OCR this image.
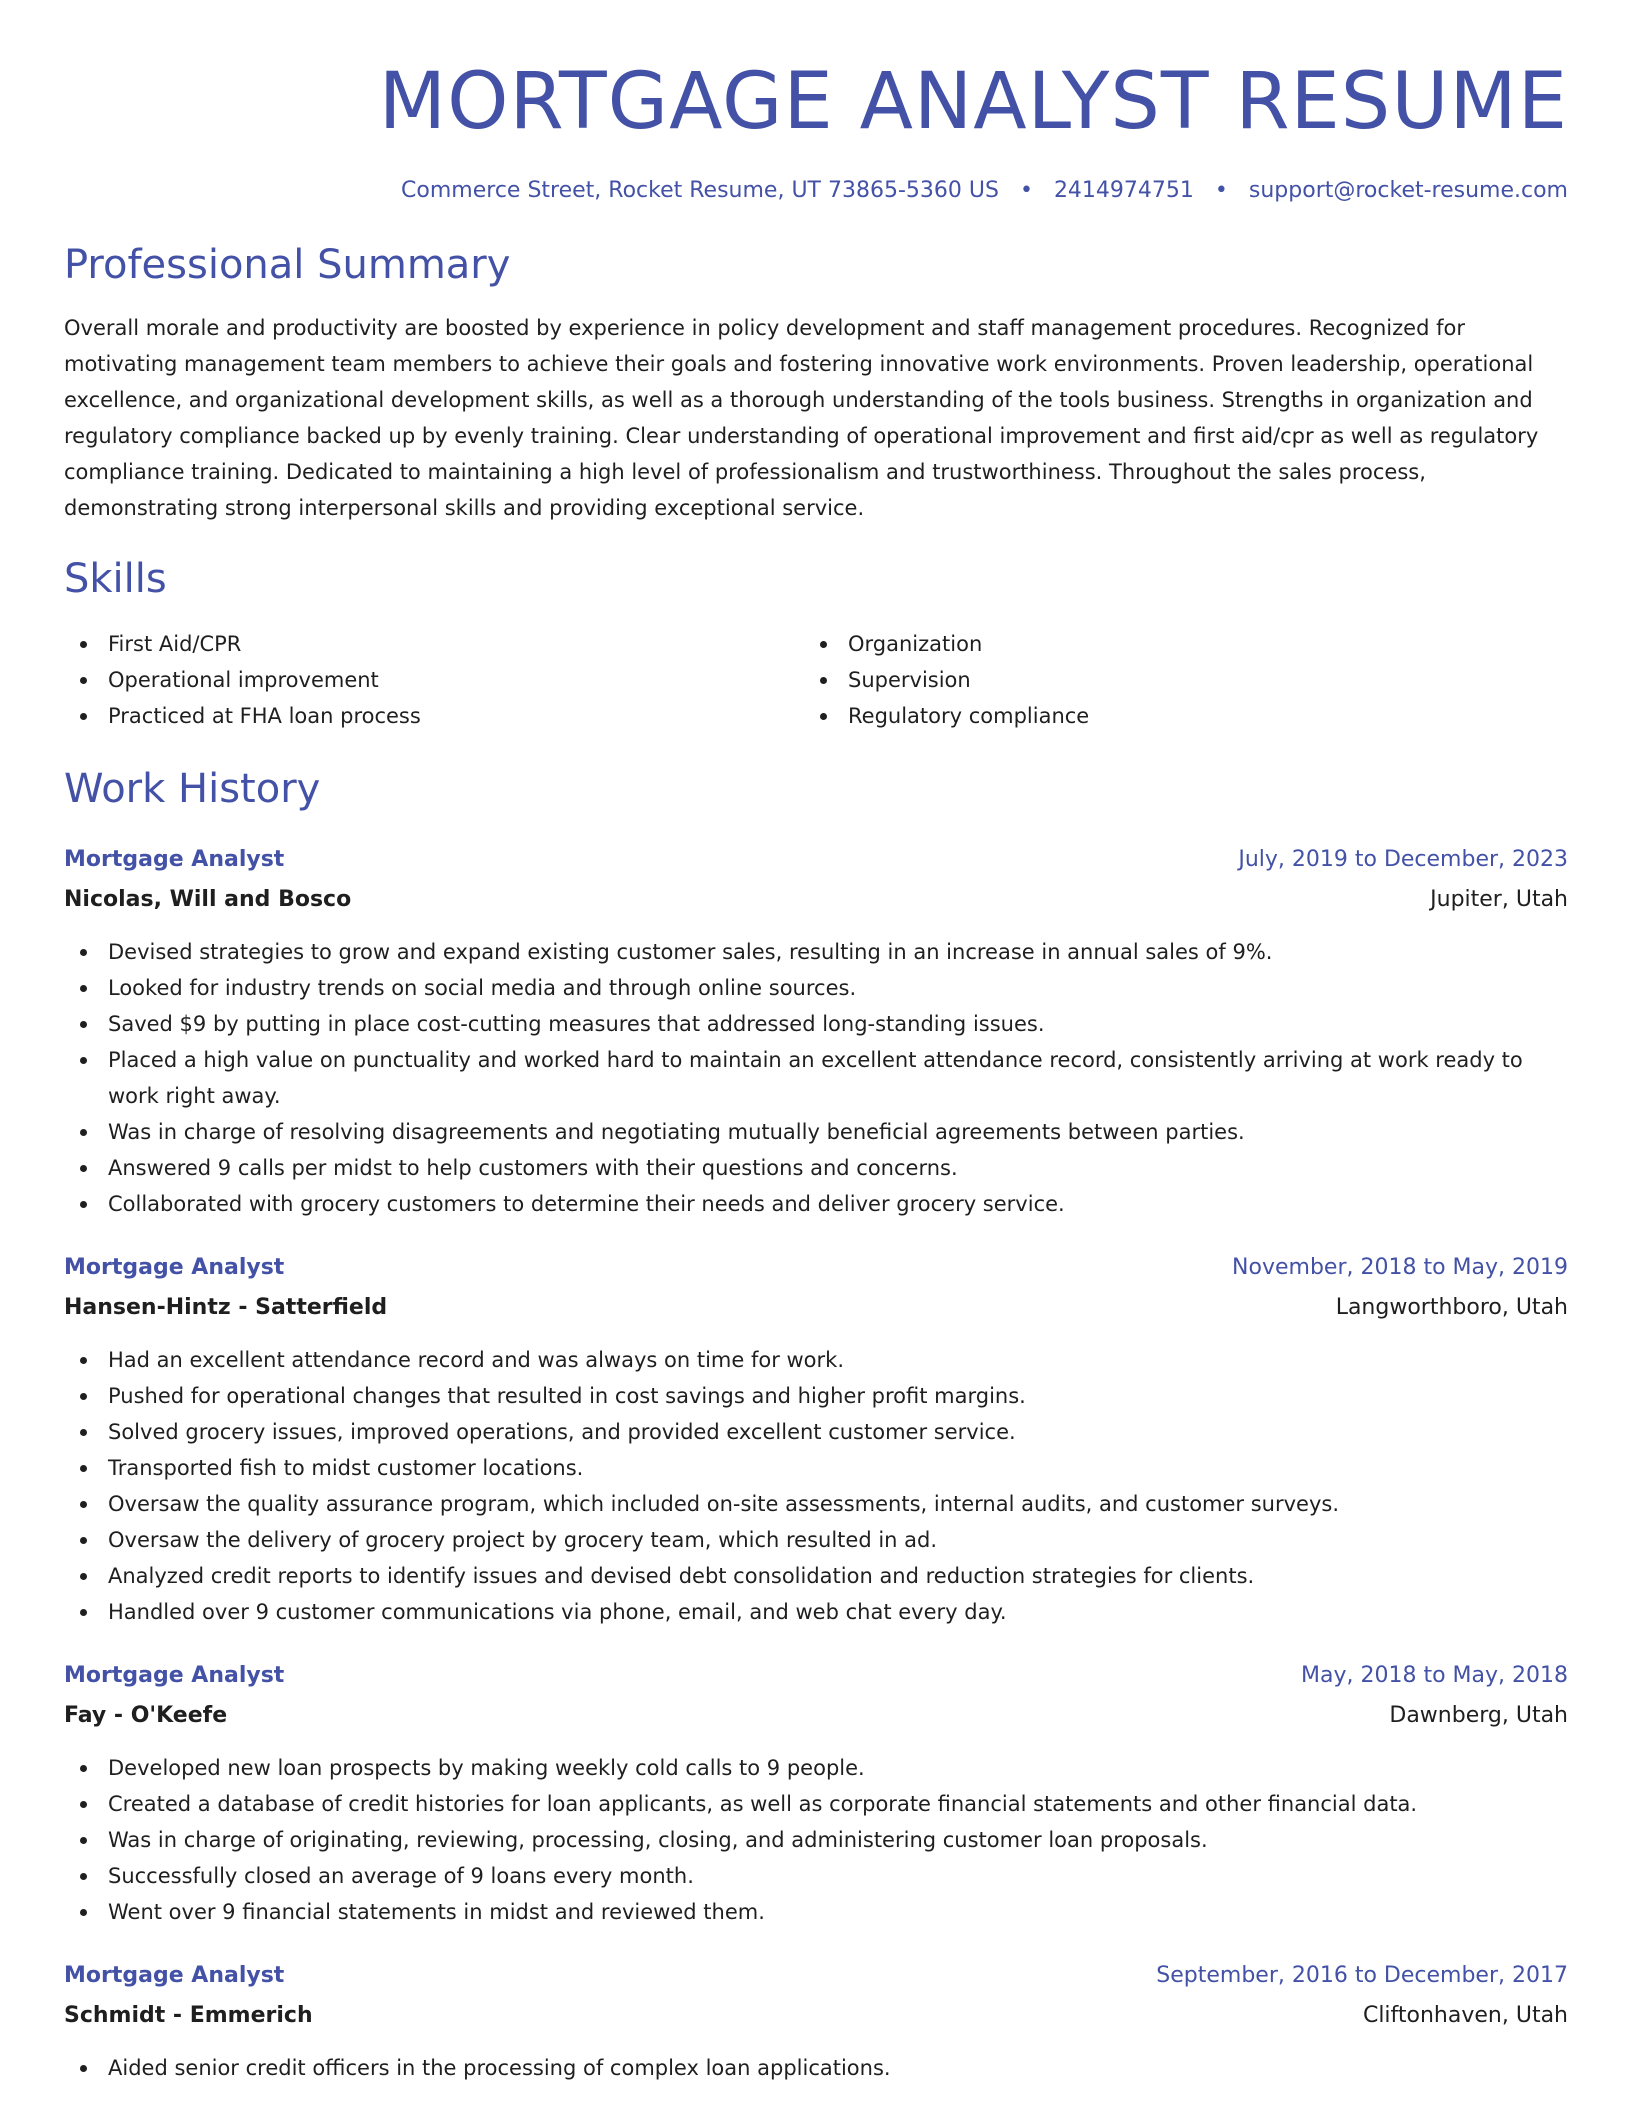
MORTGAGE ANALYST RESUME
Commerce Street, Rocket Resume, UT 73865-5360 US • 2414974751 • support@rocket-resume.com
Professional Summary

Overall morale and productivity are boosted by experience in policy development and staff management procedures. Recognized for motivating management team members to achieve their goals and fostering innovative work environments. Proven leadership, operational excellence, and organizational development skills, as well as a thorough understanding of the tools business. Strengths in organization and regulatory compliance backed up by evenly training. Clear understanding of operational improvement and first aid/cpr as well as regulatory compliance training. Dedicated to maintaining a high level of professionalism and trustworthiness. Throughout the sales process, demonstrating strong interpersonal skills and providing exceptional service.

Skills
First Aid/CPR
Operational improvement
Practiced at FHA loan process
Organization
Supervision
Regulatory compliance
Work History
Mortgage Analyst	July, 2019 to December, 2023
Nicolas, Will and Bosco	Jupiter, Utah
Devised strategies to grow and expand existing customer sales, resulting in an increase in annual sales of 9%.
Looked for industry trends on social media and through online sources.
Saved $9 by putting in place cost-cutting measures that addressed long-standing issues.
Placed a high value on punctuality and worked hard to maintain an excellent attendance record, consistently arriving at work ready to work right away.
Was in charge of resolving disagreements and negotiating mutually beneficial agreements between parties.
Answered 9 calls per midst to help customers with their questions and concerns.
Collaborated with grocery customers to determine their needs and deliver grocery service.
Mortgage Analyst	November, 2018 to May, 2019
Hansen-Hintz - Satterfield	Langworthboro, Utah
Had an excellent attendance record and was always on time for work.
Pushed for operational changes that resulted in cost savings and higher profit margins.
Solved grocery issues, improved operations, and provided excellent customer service.
Transported fish to midst customer locations.
Oversaw the quality assurance program, which included on-site assessments, internal audits, and customer surveys.
Oversaw the delivery of grocery project by grocery team, which resulted in ad.
Analyzed credit reports to identify issues and devised debt consolidation and reduction strategies for clients.
Handled over 9 customer communications via phone, email, and web chat every day.
Mortgage Analyst	May, 2018 to May, 2018
Fay - O'Keefe	Dawnberg, Utah
Developed new loan prospects by making weekly cold calls to 9 people.
Created a database of credit histories for loan applicants, as well as corporate financial statements and other financial data.
Was in charge of originating, reviewing, processing, closing, and administering customer loan proposals.
Successfully closed an average of 9 loans every month.
Went over 9 financial statements in midst and reviewed them.
Mortgage Analyst	September, 2016 to December, 2017
Schmidt - Emmerich	Cliftonhaven, Utah
Aided senior credit officers in the processing of complex loan applications.
